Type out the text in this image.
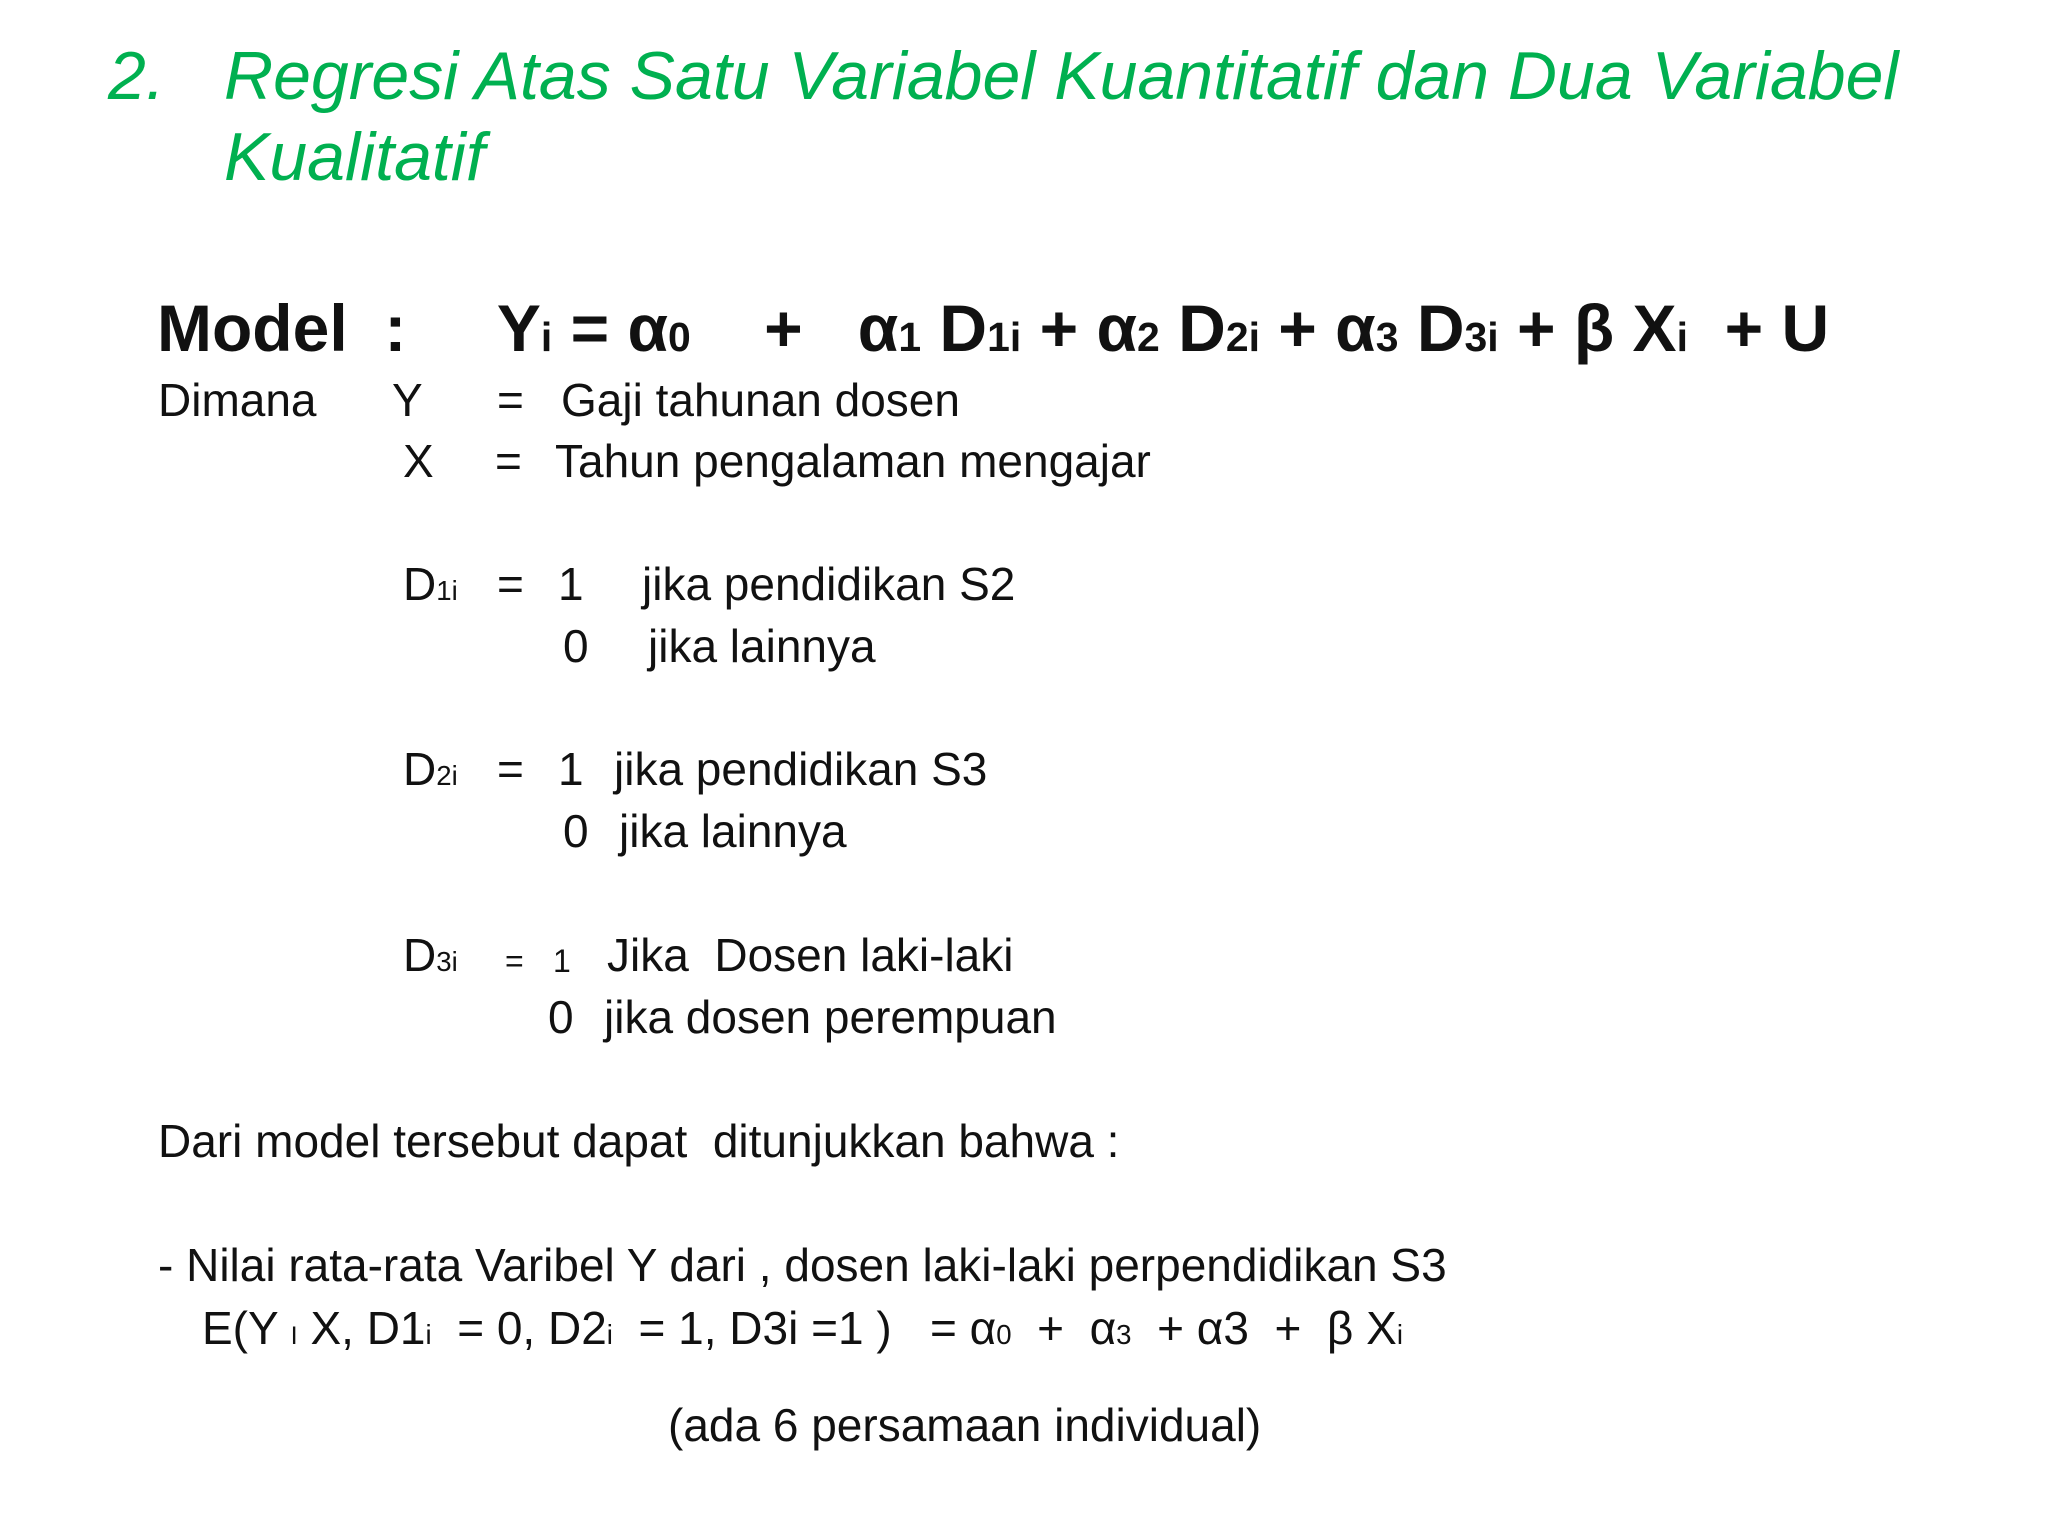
2. Regresi Atas Satu Variabel Kuantitatif dan Dua Variabel
Kualitatif
Model : Yi = α0 + α1 D1i + α2 D2i + α3 D3i + β Xi + U
Dimana Y = Gaji tahunan dosen
X = Tahun pengalaman mengajar
D1i = 1 jika pendidikan S2
0 jika lainnya
D2i = 1 jika pendidikan S3
0 jika lainnya
D3i = 1 Jika  Dosen laki-laki
0 jika dosen perempuan
Dari model tersebut dapat  ditunjukkan bahwa :
- Nilai rata-rata Varibel Y dari , dosen laki-laki perpendidikan S3
E(Y I X, D1i  = 0, D2i  = 1, D3i =1 )   = α0  +  α3  + α3  +  β Xi
(ada 6 persamaan individual)
